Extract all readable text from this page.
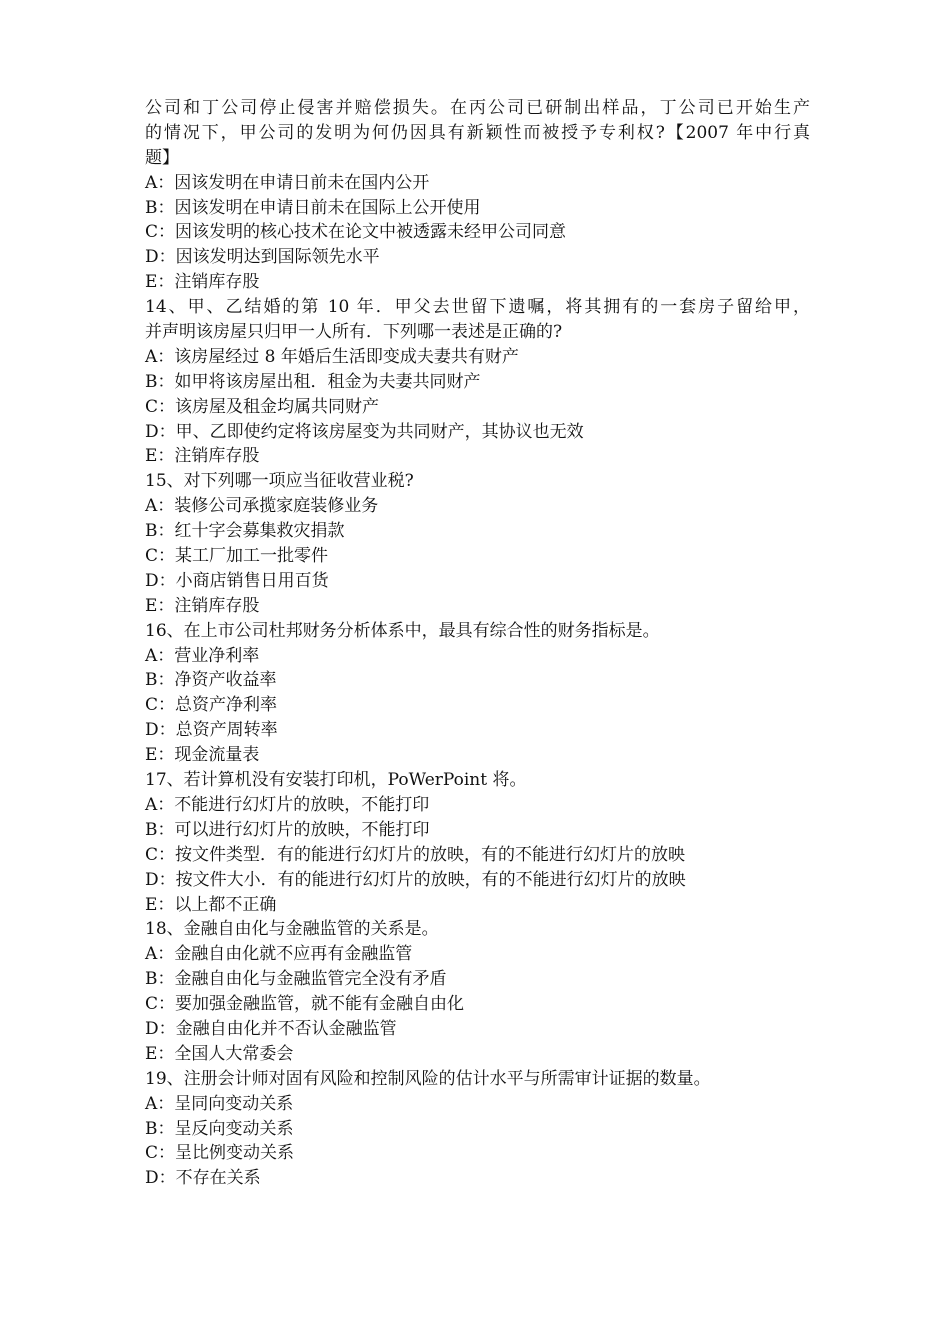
公司和丁公司停止侵害并赔偿损失。在丙公司已研制出样品，丁公司已开始生产
的情况下，甲公司的发明为何仍因具有新颖性而被授予专利权?【2007 年中行真
题】
A：因该发明在申请日前未在国内公开
B：因该发明在申请日前未在国际上公开使用
C：因该发明的核心技术在论文中被透露未经甲公司同意
D：因该发明达到国际领先水平
E：注销库存股
14、甲、乙结婚的第 10 年．甲父去世留下遗嘱，将其拥有的一套房子留给甲，
并声明该房屋只归甲一人所有．下列哪一表述是正确的?
A：该房屋经过 8 年婚后生活即变成夫妻共有财产
B：如甲将该房屋出租．租金为夫妻共同财产
C：该房屋及租金均属共同财产
D：甲、乙即使约定将该房屋变为共同财产，其协议也无效
E：注销库存股
15、对下列哪一项应当征收营业税?
A：装修公司承揽家庭装修业务
B：红十字会募集救灾捐款
C：某工厂加工一批零件
D：小商店销售日用百货
E：注销库存股
16、在上市公司杜邦财务分析体系中，最具有综合性的财务指标是。
A：营业净利率
B：净资产收益率
C：总资产净利率
D：总资产周转率
E：现金流量表
17、若计算机没有安装打印机，PoWerPoint 将。
A：不能进行幻灯片的放映，不能打印
B：可以进行幻灯片的放映，不能打印
C：按文件类型．有的能进行幻灯片的放映，有的不能进行幻灯片的放映
D：按文件大小．有的能进行幻灯片的放映，有的不能进行幻灯片的放映
E：以上都不正确
18、金融自由化与金融监管的关系是。
A：金融自由化就不应再有金融监管
B：金融自由化与金融监管完全没有矛盾
C：要加强金融监管，就不能有金融自由化
D：金融自由化并不否认金融监管
E：全国人大常委会
19、注册会计师对固有风险和控制风险的估计水平与所需审计证据的数量。
A：呈同向变动关系
B：呈反向变动关系
C：呈比例变动关系
D：不存在关系
